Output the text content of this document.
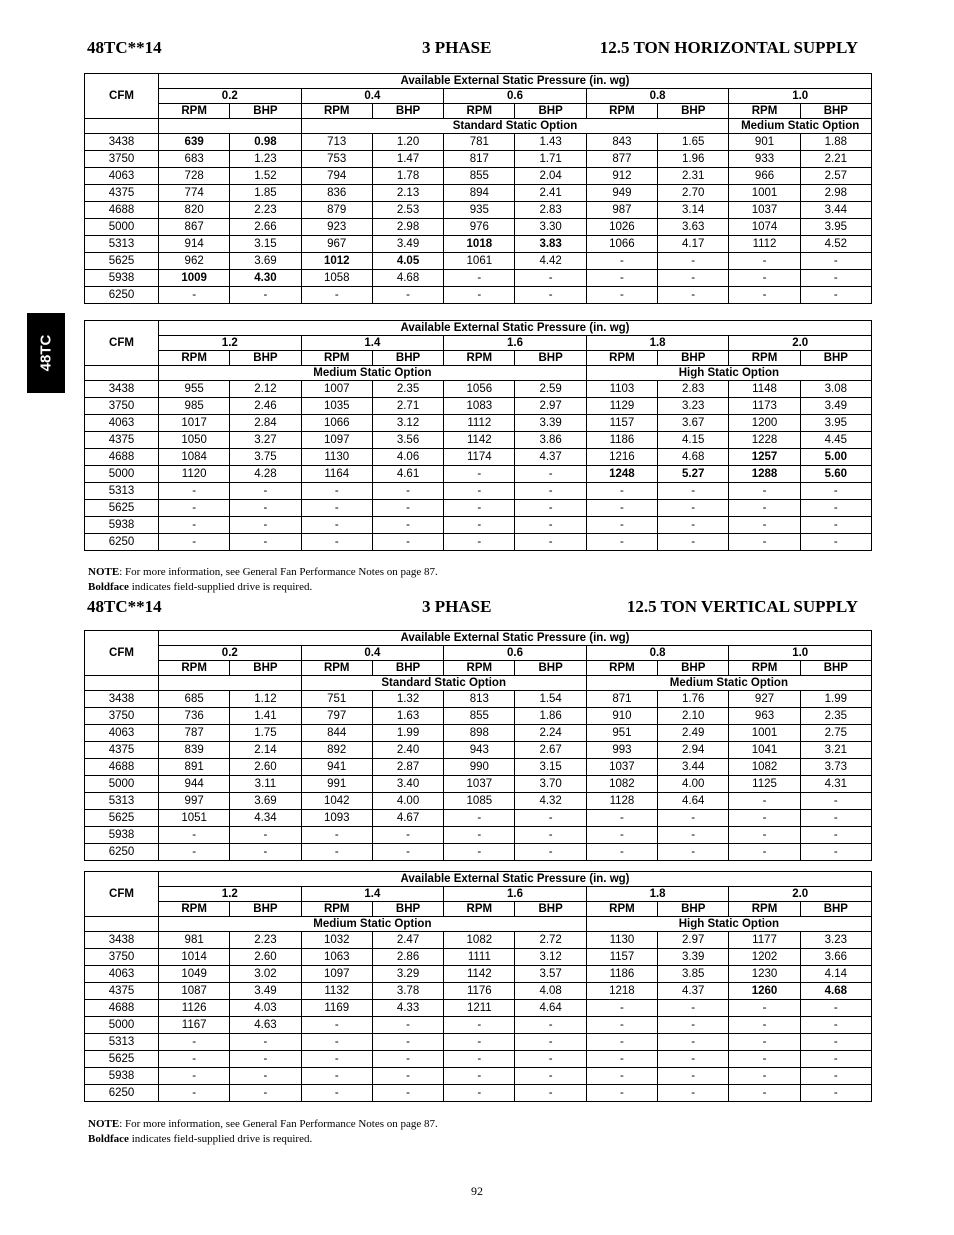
48TC**14	3 PHASE	12.5 TON HORIZONTAL SUPPLY
48TC
CFM	Available External Static Pressure (in. wg)									
	0.2		0.4		0.6		0.8		1.0	
	RPM	BHP	RPM	BHP	RPM	BHP	RPM	BHP	RPM	BHP
			Standard Static Option						Medium Static Option	
3438	639	0.98	713	1.20	781	1.43	843	1.65	901	1.88
3750	683	1.23	753	1.47	817	1.71	877	1.96	933	2.21
4063	728	1.52	794	1.78	855	2.04	912	2.31	966	2.57
4375	774	1.85	836	2.13	894	2.41	949	2.70	1001	2.98
4688	820	2.23	879	2.53	935	2.83	987	3.14	1037	3.44
5000	867	2.66	923	2.98	976	3.30	1026	3.63	1074	3.95
5313	914	3.15	967	3.49	1018	3.83	1066	4.17	1112	4.52
5625	962	3.69	1012	4.05	1061	4.42	-	-	-	-
5938	1009	4.30	1058	4.68	-	-	-	-	-	-
6250	-	-	-	-	-	-	-	-	-	-
CFM	Available External Static Pressure (in. wg)									
	1.2		1.4		1.6		1.8		2.0	
	RPM	BHP	RPM	BHP	RPM	BHP	RPM	BHP	RPM	BHP
	Medium Static Option						High Static Option			
3438	955	2.12	1007	2.35	1056	2.59	1103	2.83	1148	3.08
3750	985	2.46	1035	2.71	1083	2.97	1129	3.23	1173	3.49
4063	1017	2.84	1066	3.12	1112	3.39	1157	3.67	1200	3.95
4375	1050	3.27	1097	3.56	1142	3.86	1186	4.15	1228	4.45
4688	1084	3.75	1130	4.06	1174	4.37	1216	4.68	1257	5.00
5000	1120	4.28	1164	4.61	-	-	1248	5.27	1288	5.60
5313	-	-	-	-	-	-	-	-	-	-
5625	-	-	-	-	-	-	-	-	-	-
5938	-	-	-	-	-	-	-	-	-	-
6250	-	-	-	-	-	-	-	-	-	-
NOTE: For more information, see General Fan Performance Notes on page 87.
Boldface indicates field-supplied drive is required.
48TC**14	3 PHASE	12.5 TON VERTICAL SUPPLY
CFM	Available External Static Pressure (in. wg)									
	0.2		0.4		0.6		0.8		1.0	
	RPM	BHP	RPM	BHP	RPM	BHP	RPM	BHP	RPM	BHP
			Standard Static Option				Medium Static Option			
3438	685	1.12	751	1.32	813	1.54	871	1.76	927	1.99
3750	736	1.41	797	1.63	855	1.86	910	2.10	963	2.35
4063	787	1.75	844	1.99	898	2.24	951	2.49	1001	2.75
4375	839	2.14	892	2.40	943	2.67	993	2.94	1041	3.21
4688	891	2.60	941	2.87	990	3.15	1037	3.44	1082	3.73
5000	944	3.11	991	3.40	1037	3.70	1082	4.00	1125	4.31
5313	997	3.69	1042	4.00	1085	4.32	1128	4.64	-	-
5625	1051	4.34	1093	4.67	-	-	-	-	-	-
5938	-	-	-	-	-	-	-	-	-	-
6250	-	-	-	-	-	-	-	-	-	-
CFM	Available External Static Pressure (in. wg)									
	1.2		1.4		1.6		1.8		2.0	
	RPM	BHP	RPM	BHP	RPM	BHP	RPM	BHP	RPM	BHP
	Medium Static Option						High Static Option			
3438	981	2.23	1032	2.47	1082	2.72	1130	2.97	1177	3.23
3750	1014	2.60	1063	2.86	1111	3.12	1157	3.39	1202	3.66
4063	1049	3.02	1097	3.29	1142	3.57	1186	3.85	1230	4.14
4375	1087	3.49	1132	3.78	1176	4.08	1218	4.37	1260	4.68
4688	1126	4.03	1169	4.33	1211	4.64	-	-	-	-
5000	1167	4.63	-	-	-	-	-	-	-	-
5313	-	-	-	-	-	-	-	-	-	-
5625	-	-	-	-	-	-	-	-	-	-
5938	-	-	-	-	-	-	-	-	-	-
6250	-	-	-	-	-	-	-	-	-	-
NOTE: For more information, see General Fan Performance Notes on page 87.
Boldface indicates field-supplied drive is required.
92
